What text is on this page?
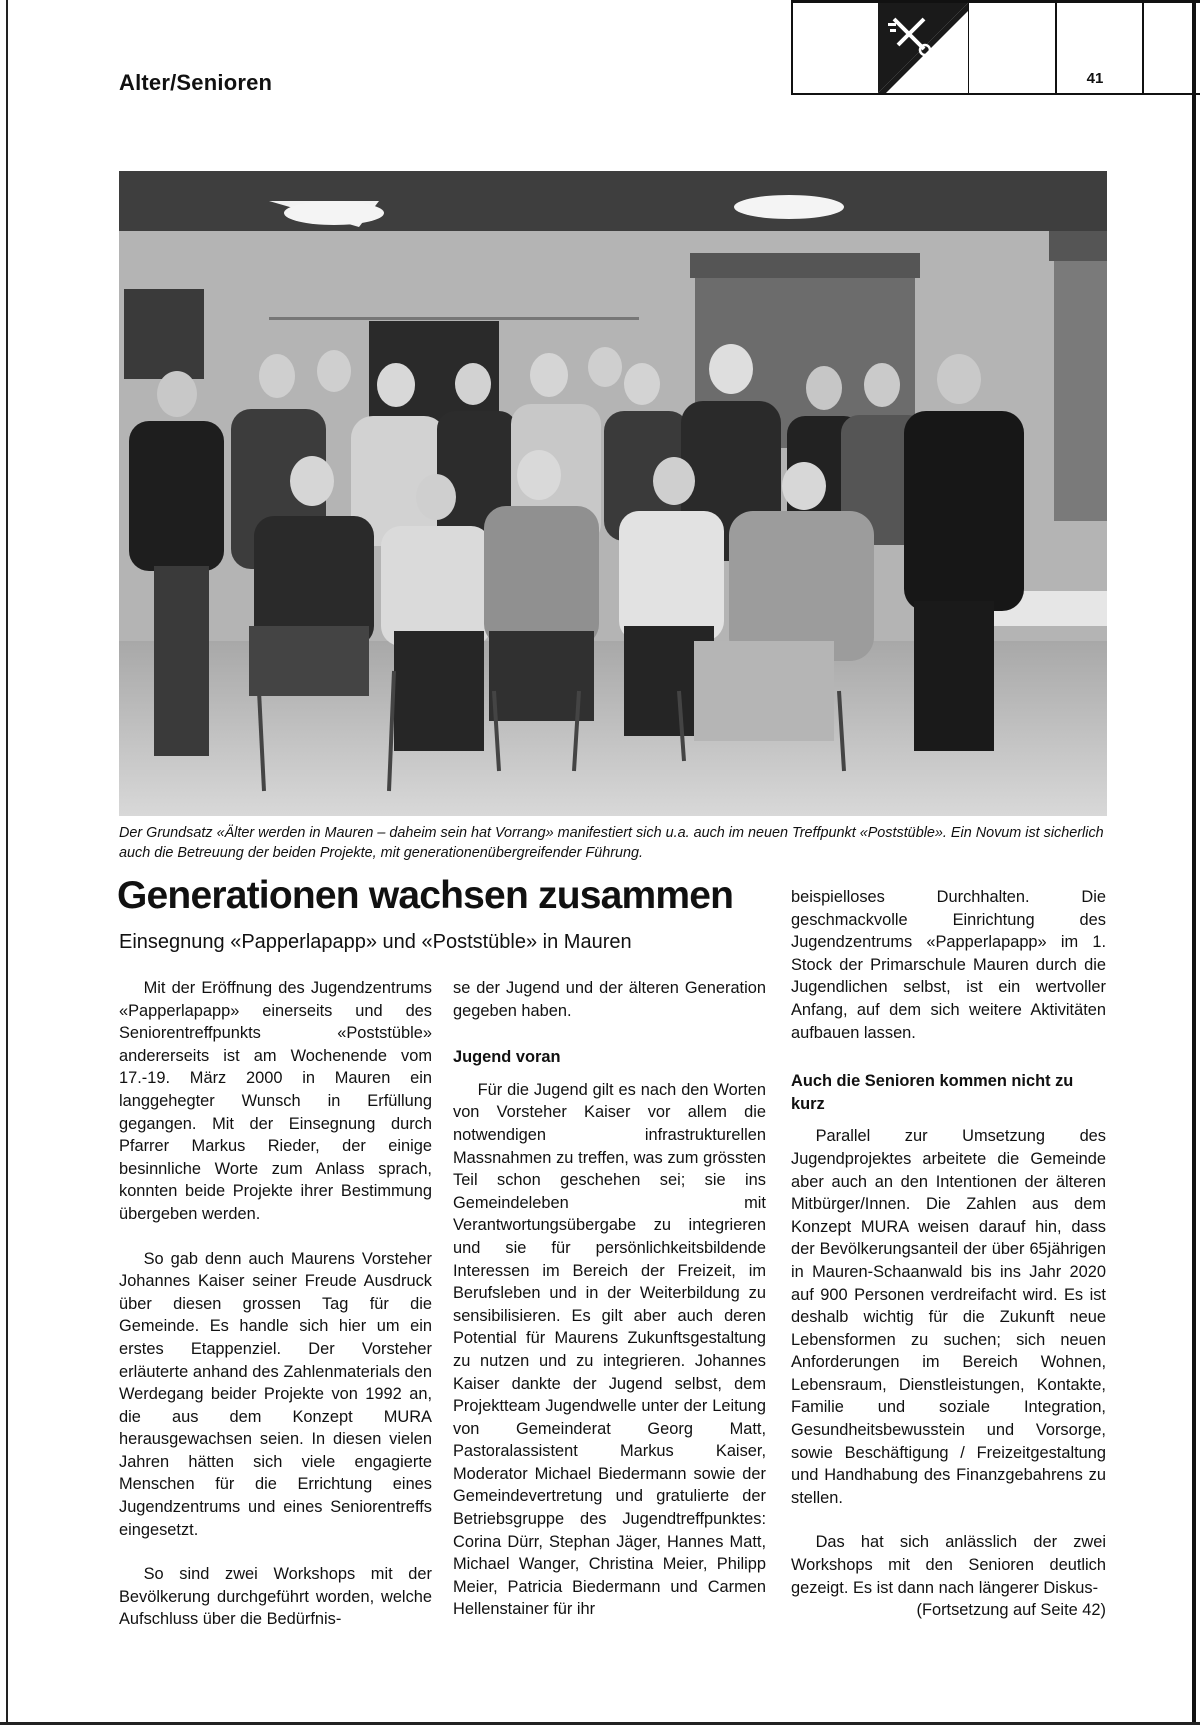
Alter/Senioren	41
Der Grundsatz «Älter werden in Mauren – daheim sein hat Vorrang» manifestiert sich u.a. auch im neuen Treffpunkt «Poststüble». Ein Novum ist sicherlich auch die Betreuung der beiden Projekte, mit generationenübergreifender Führung.
Generationen wachsen zusammen
Einsegnung «Papperlapapp» und «Poststüble» in Mauren

Mit der Eröffnung des Jugendzentrums «Papperlapapp» einerseits und des Seniorentreffpunkts «Poststüble» andererseits ist am Wochenende vom 17.-19. März 2000 in Mauren ein langgehegter Wunsch in Erfüllung gegangen. Mit der Einsegnung durch Pfarrer Markus Rieder, der einige besinnliche Worte zum Anlass sprach, konnten beide Projekte ihrer Bestimmung übergeben werden.

So gab denn auch Maurens Vorsteher Johannes Kaiser seiner Freude Ausdruck über diesen grossen Tag für die Gemeinde. Es handle sich hier um ein erstes Etappenziel. Der Vorsteher erläuterte anhand des Zahlenmaterials den Werdegang beider Projekte von 1992 an, die aus dem Konzept MURA herausgewachsen seien. In diesen vielen Jahren hätten sich viele engagierte Menschen für die Errichtung eines Jugendzentrums und eines Seniorentreffs eingesetzt.

So sind zwei Workshops mit der Bevölkerung durchgeführt worden, welche Aufschluss über die Bedürfnis-

se der Jugend und der älteren Generation gegeben haben.

Jugend voran

Für die Jugend gilt es nach den Worten von Vorsteher Kaiser vor allem die notwendigen infrastrukturellen Massnahmen zu treffen, was zum grössten Teil schon geschehen sei; sie ins Gemeindeleben mit Verantwortungsübergabe zu integrieren und sie für persönlichkeitsbildende Interessen im Bereich der Freizeit, im Berufsleben und in der Weiterbildung zu sensibilisieren. Es gilt aber auch deren Potential für Maurens Zukunftsgestaltung zu nutzen und zu integrieren. Johannes Kaiser dankte der Jugend selbst, dem Projektteam Jugendwelle unter der Leitung von Gemeinderat Georg Matt, Pastoralassistent Markus Kaiser, Moderator Michael Biedermann sowie der Gemeindevertretung und gratulierte der Betriebsgruppe des Jugendtreffpunktes: Corina Dürr, Stephan Jäger, Hannes Matt, Michael Wanger, Christina Meier, Philipp Meier, Patricia Biedermann und Carmen Hellenstainer für ihr

beispielloses Durchhalten. Die geschmackvolle Einrichtung des Jugendzentrums «Papperlapapp» im 1. Stock der Primarschule Mauren durch die Jugendlichen selbst, ist ein wertvoller Anfang, auf dem sich weitere Aktivitäten aufbauen lassen.

Auch die Senioren kommen nicht zu kurz

Parallel zur Umsetzung des Jugendprojektes arbeitete die Gemeinde aber auch an den Intentionen der älteren Mitbürger/Innen. Die Zahlen aus dem Konzept MURA weisen darauf hin, dass der Bevölkerungsanteil der über 65jährigen in Mauren-Schaanwald bis ins Jahr 2020 auf 900 Personen verdreifacht wird. Es ist deshalb wichtig für die Zukunft neue Lebensformen zu suchen; sich neuen Anforderungen im Bereich Wohnen, Lebensraum, Dienstleistungen, Kontakte, Familie und soziale Integration, Gesundheitsbewusstein und Vorsorge, sowie Beschäftigung / Freizeitgestaltung und Handhabung des Finanzgebahrens zu stellen.

Das hat sich anlässlich der zwei Workshops mit den Senioren deutlich gezeigt. Es ist dann nach längerer Diskus-

(Fortsetzung auf Seite 42)
